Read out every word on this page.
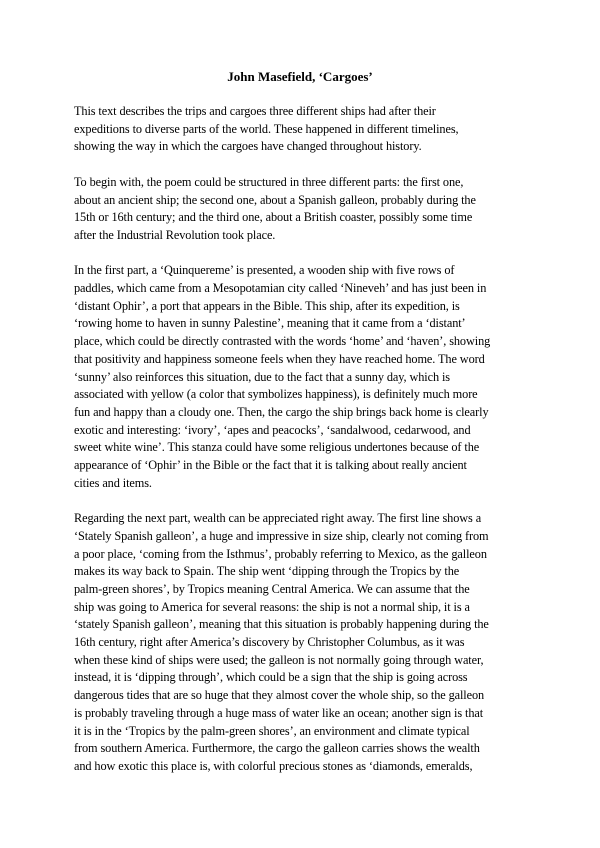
John Masefield, ‘Cargoes’

This text describes the trips and cargoes three different ships had after their
expeditions to diverse parts of the world. These happened in different timelines,
showing the way in which the cargoes have changed throughout history.

To begin with, the poem could be structured in three different parts: the first one,
about an ancient ship; the second one, about a Spanish galleon, probably during the
15th or 16th century; and the third one, about a British coaster, possibly some time
after the Industrial Revolution took place.

In the first part, a ‘Quinquereme’ is presented, a wooden ship with five rows of
paddles, which came from a Mesopotamian city called ‘Nineveh’ and has just been in
‘distant Ophir’, a port that appears in the Bible. This ship, after its expedition, is
‘rowing home to haven in sunny Palestine’, meaning that it came from a ‘distant’
place, which could be directly contrasted with the words ‘home’ and ‘haven’, showing
that positivity and happiness someone feels when they have reached home. The word
‘sunny’ also reinforces this situation, due to the fact that a sunny day, which is
associated with yellow (a color that symbolizes happiness), is definitely much more
fun and happy than a cloudy one. Then, the cargo the ship brings back home is clearly
exotic and interesting: ‘ivory’, ‘apes and peacocks’, ‘sandalwood, cedarwood, and
sweet white wine’. This stanza could have some religious undertones because of the
appearance of ‘Ophir’ in the Bible or the fact that it is talking about really ancient
cities and items.

Regarding the next part, wealth can be appreciated right away. The first line shows a
‘Stately Spanish galleon’, a huge and impressive in size ship, clearly not coming from
a poor place, ‘coming from the Isthmus’, probably referring to Mexico, as the galleon
makes its way back to Spain. The ship went ‘dipping through the Tropics by the
palm-green shores’, by Tropics meaning Central America. We can assume that the
ship was going to America for several reasons: the ship is not a normal ship, it is a
‘stately Spanish galleon’, meaning that this situation is probably happening during the
16th century, right after America’s discovery by Christopher Columbus, as it was
when these kind of ships were used; the galleon is not normally going through water,
instead, it is ‘dipping through’, which could be a sign that the ship is going across
dangerous tides that are so huge that they almost cover the whole ship, so the galleon
is probably traveling through a huge mass of water like an ocean; another sign is that
it is in the ‘Tropics by the palm-green shores’, an environment and climate typical
from southern America. Furthermore, the cargo the galleon carries shows the wealth
and how exotic this place is, with colorful precious stones as ‘diamonds, emeralds,
